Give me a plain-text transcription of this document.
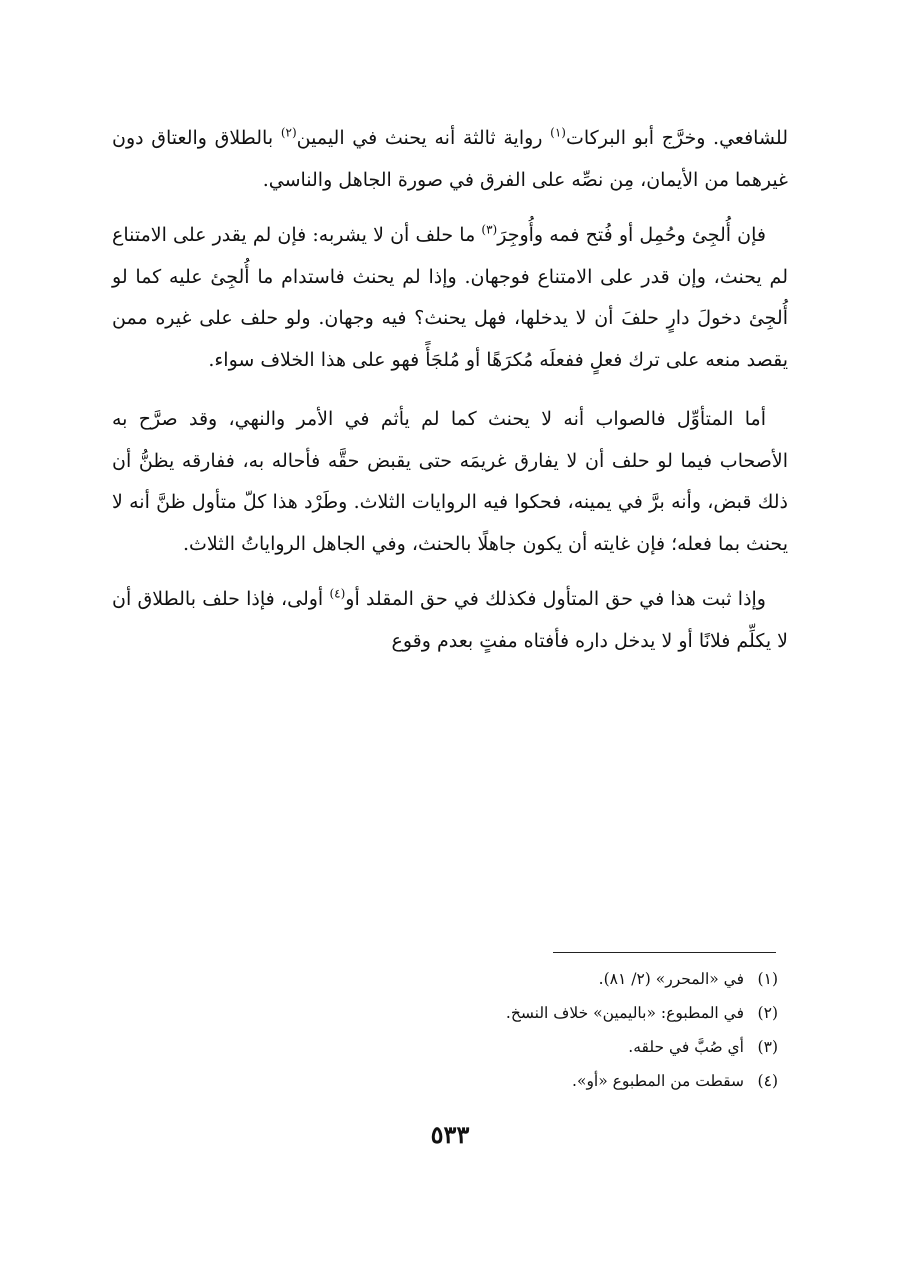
للشافعي. وخرَّج أبو البركات$^{(١)}$ رواية ثالثة أنه يحنث في اليمين$^{(٢)}$ بالطلاق والعتاق دون غيرهما من الأيمان، مِن نصِّه على الفرق في صورة الجاهل والناسي.

فإن أُلجِئ وحُمِل أو فُتح فمه وأُوجِرَ$^{(٣)}$ ما حلف أن لا يشربه: فإن لم يقدر على الامتناع لم يحنث، وإن قدر على الامتناع فوجهان. وإذا لم يحنث فاستدام ما أُلجِئ عليه كما لو أُلجِئ دخولَ دارٍ حلفَ أن لا يدخلها، فهل يحنث؟ فيه وجهان. ولو حلف على غيره ممن يقصد منعه على ترك فعلٍ ففعلَه مُكرَهًا أو مُلجَأً فهو على هذا الخلاف سواء.

أما المتأوِّل فالصواب أنه لا يحنث كما لم يأثم في الأمر والنهي، وقد صرَّح به الأصحاب فيما لو حلف أن لا يفارق غريمَه حتى يقبض حقَّه فأحاله به، ففارقه يظنُّ أن ذلك قبض، وأنه برَّ في يمينه، فحكوا فيه الروايات الثلاث. وطَرْد هذا كلّ متأول ظنَّ أنه لا يحنث بما فعله؛ فإن غايته أن يكون جاهلًا بالحنث، وفي الجاهل الرواياتُ الثلاث.

وإذا ثبت هذا في حق المتأول فكذلك في حق المقلد أو$^{(٤)}$ أولى، فإذا حلف بالطلاق أن لا يكلِّم فلانًا أو لا يدخل داره فأفتاه مفتٍ بعدم وقوع

(١)في «المحرر» (٢/ ٨١).

(٢)في المطبوع: «باليمين» خلاف النسخ.

(٣)أي صُبَّ في حلقه.

(٤)سقطت من المطبوع «أو».

٥٣٣
